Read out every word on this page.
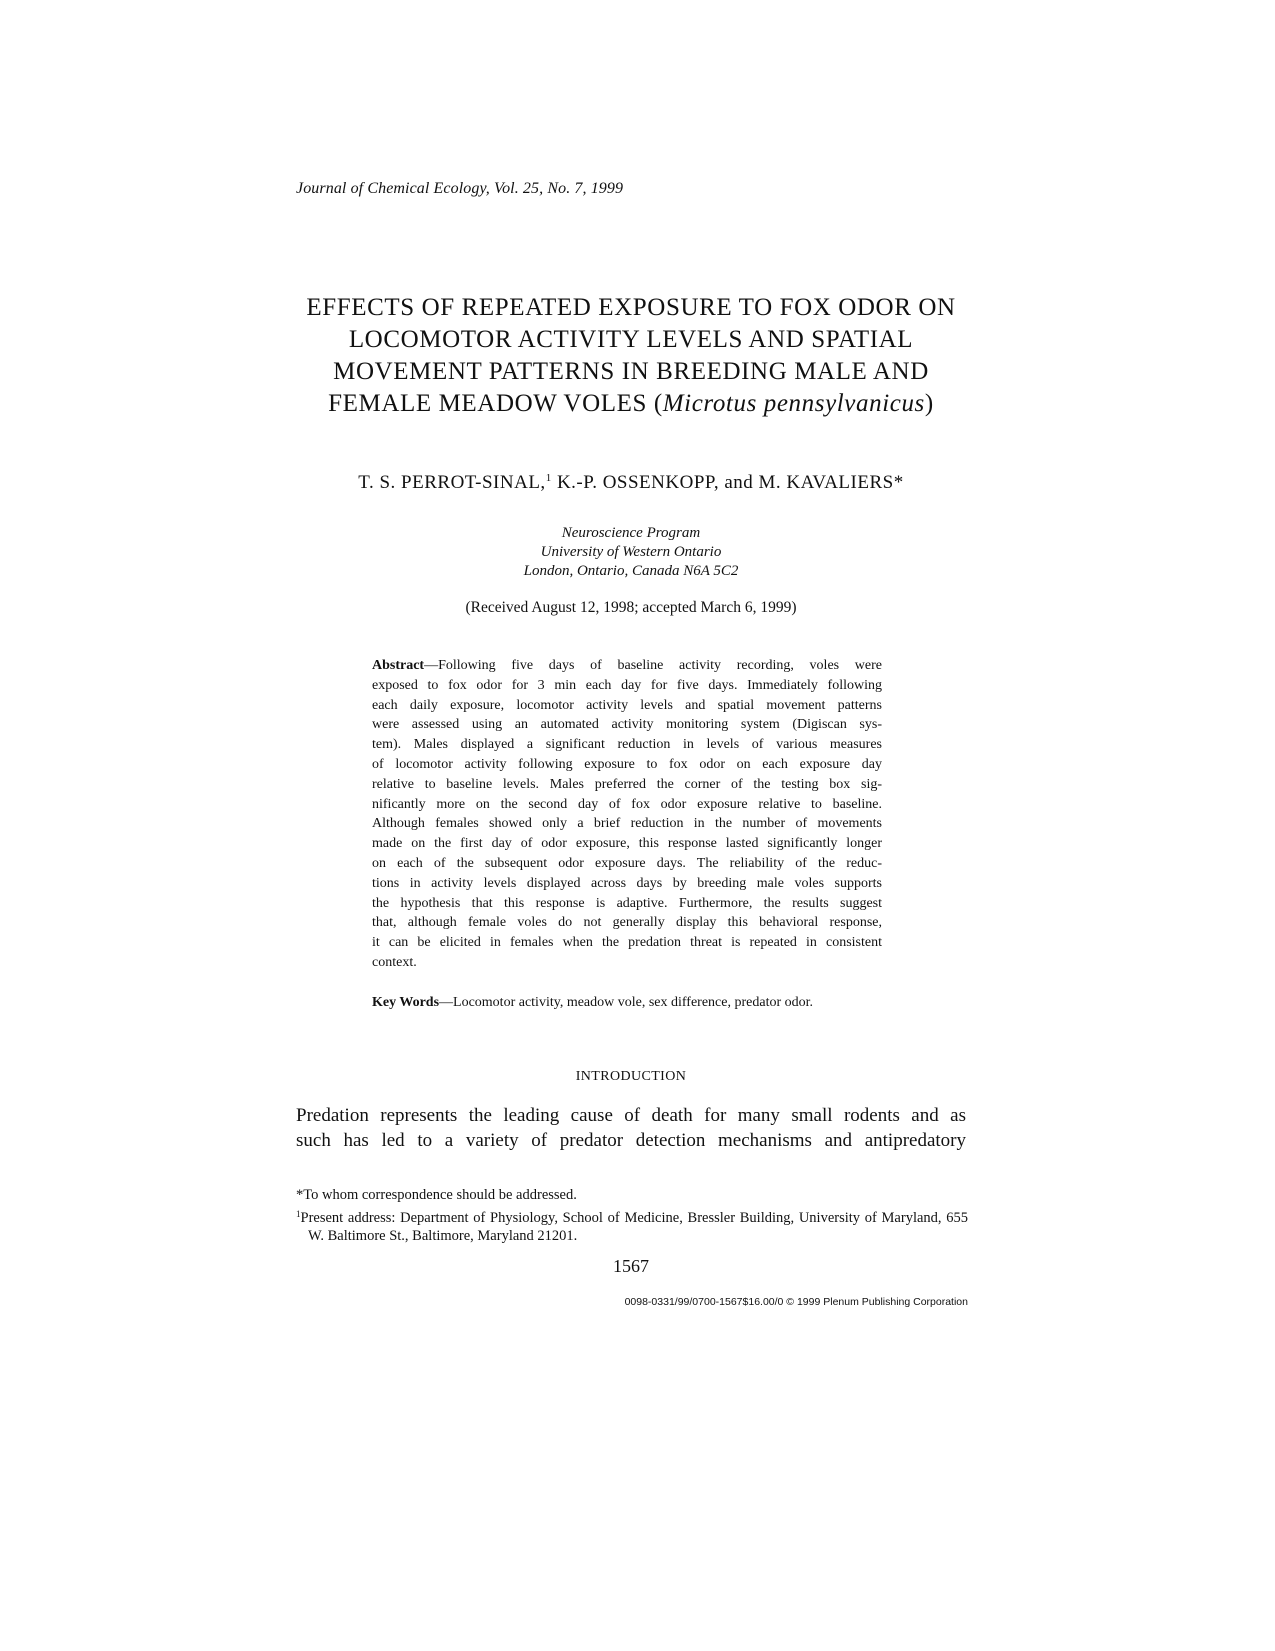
Journal of Chemical Ecology, Vol. 25, No. 7, 1999
EFFECTS OF REPEATED EXPOSURE TO FOX ODOR ON
LOCOMOTOR ACTIVITY LEVELS AND SPATIAL
MOVEMENT PATTERNS IN BREEDING MALE AND
FEMALE MEADOW VOLES (Microtus pennsylvanicus)
T. S. PERROT-SINAL,$^1$ K.-P. OSSENKOPP, and M. KAVALIERS*
Neuroscience Program
University of Western Ontario
London, Ontario, Canada N6A 5C2
(Received August 12, 1998; accepted March 6, 1999)
Abstract—Following five days of baseline activity recording, voles were
exposed to fox odor for 3 min each day for five days. Immediately following
each daily exposure, locomotor activity levels and spatial movement patterns
were assessed using an automated activity monitoring system (Digiscan sys-
tem). Males displayed a significant reduction in levels of various measures
of locomotor activity following exposure to fox odor on each exposure day
relative to baseline levels. Males preferred the corner of the testing box sig-
nificantly more on the second day of fox odor exposure relative to baseline.
Although females showed only a brief reduction in the number of movements
made on the first day of odor exposure, this response lasted significantly longer
on each of the subsequent odor exposure days. The reliability of the reduc-
tions in activity levels displayed across days by breeding male voles supports
the hypothesis that this response is adaptive. Furthermore, the results suggest
that, although female voles do not generally display this behavioral response,
it can be elicited in females when the predation threat is repeated in consistent
context.
Key Words—Locomotor activity, meadow vole, sex difference, predator odor.
INTRODUCTION
Predation represents the leading cause of death for many small rodents and as
such has led to a variety of predator detection mechanisms and antipredatory
*To whom correspondence should be addressed.
$^1$Present address: Department of Physiology, School of Medicine, Bressler Building, University of Maryland, 655 W. Baltimore St., Baltimore, Maryland 21201.
1567
0098-0331/99/0700-1567$16.00/0 © 1999 Plenum Publishing Corporation
